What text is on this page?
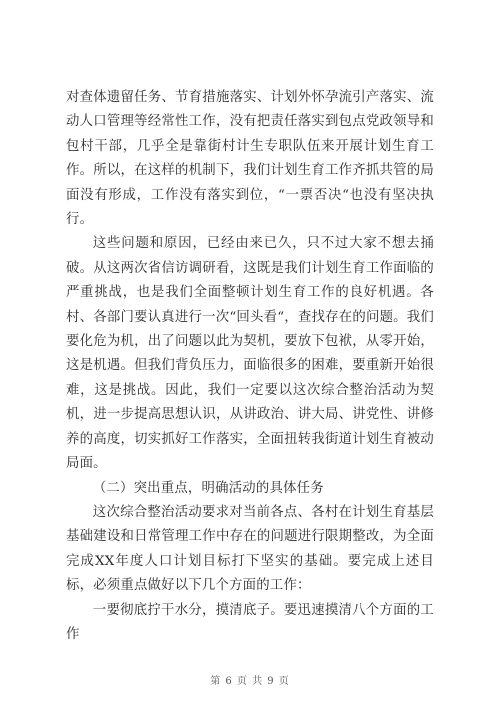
对查体遗留任务、节育措施落实、计划外怀孕流引产落实、流动人口管理等经常性工作，没有把责任落实到包点党政领导和包村干部，几乎全是靠街村计生专职队伍来开展计划生育工作。所以，在这样的机制下，我们计划生育工作齐抓共管的局面没有形成，工作没有落实到位，“一票否决“也没有坚决执行。

这些问题和原因，已经由来已久，只不过大家不想去捅破。从这两次省信访调研看，这既是我们计划生育工作面临的严重挑战，也是我们全面整顿计划生育工作的良好机遇。各村、各部门要认真进行一次“回头看“，查找存在的问题。我们要化危为机，出了问题以此为契机，要放下包袱，从零开始，这是机遇。但我们背负压力，面临很多的困难，要重新开始很难，这是挑战。因此，我们一定要以这次综合整治活动为契机，进一步提高思想认识，从讲政治、讲大局、讲党性、讲修养的高度，切实抓好工作落实，全面扭转我街道计划生育被动局面。

（二）突出重点，明确活动的具体任务

这次综合整治活动要求对当前各点、各村在计划生育基层基础建设和日常管理工作中存在的问题进行限期整改，为全面完成XX年度人口计划目标打下坚实的基础。要完成上述目标，必须重点做好以下几个方面的工作：

一要彻底拧干水分，摸清底子。要迅速摸清八个方面的工作

第 6 页 共 9 页
